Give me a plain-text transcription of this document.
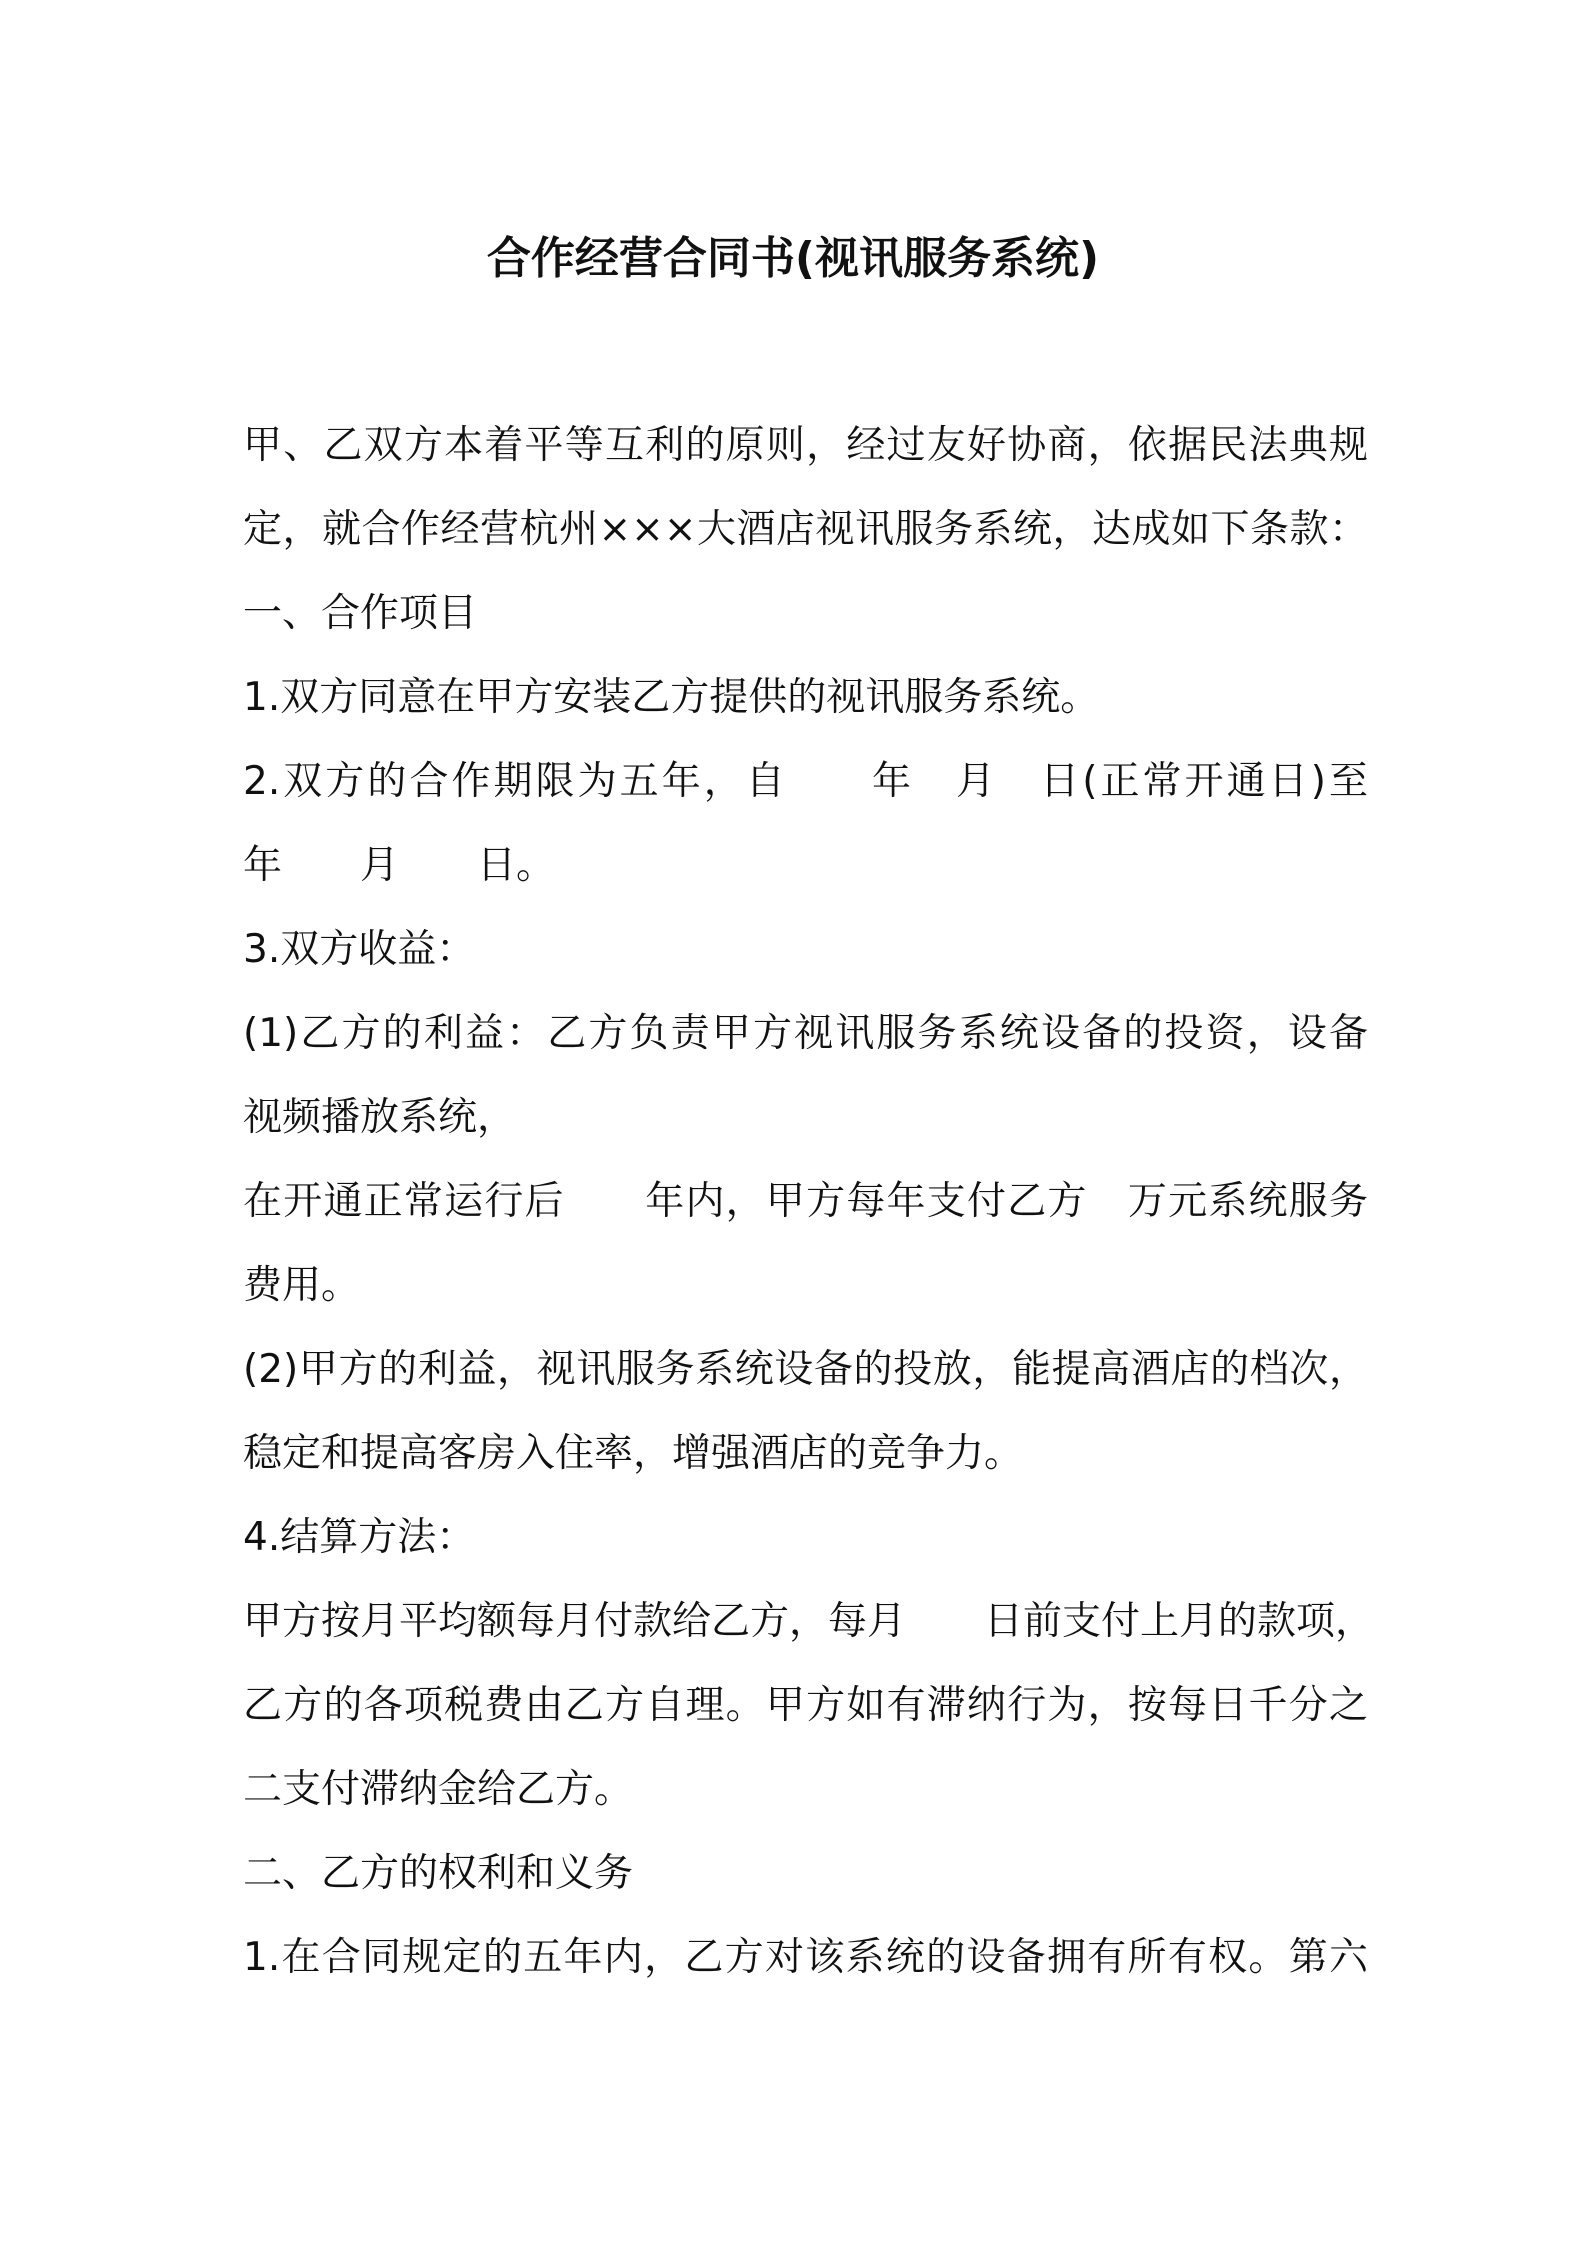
合作经营合同书(视讯服务系统)
甲、乙双方本着平等互利的原则，经过友好协商，依据民法典规
定，就合作经营杭州×××大酒店视讯服务系统，达成如下条款：
一、合作项目
1.双方同意在甲方安装乙方提供的视讯服务系统。
2.双方的合作期限为五年，自　　年　月　日(正常开通日)至
年　　月　　日。
3.双方收益：
(1)乙方的利益：乙方负责甲方视讯服务系统设备的投资，设备
视频播放系统，
在开通正常运行后　　年内，甲方每年支付乙方　万元系统服务
费用。
(2)甲方的利益，视讯服务系统设备的投放，能提高酒店的档次，
稳定和提高客房入住率，增强酒店的竞争力。
4.结算方法：
甲方按月平均额每月付款给乙方，每月　　日前支付上月的款项，
乙方的各项税费由乙方自理。甲方如有滞纳行为，按每日千分之
二支付滞纳金给乙方。
二、乙方的权利和义务
1.在合同规定的五年内，乙方对该系统的设备拥有所有权。第六
